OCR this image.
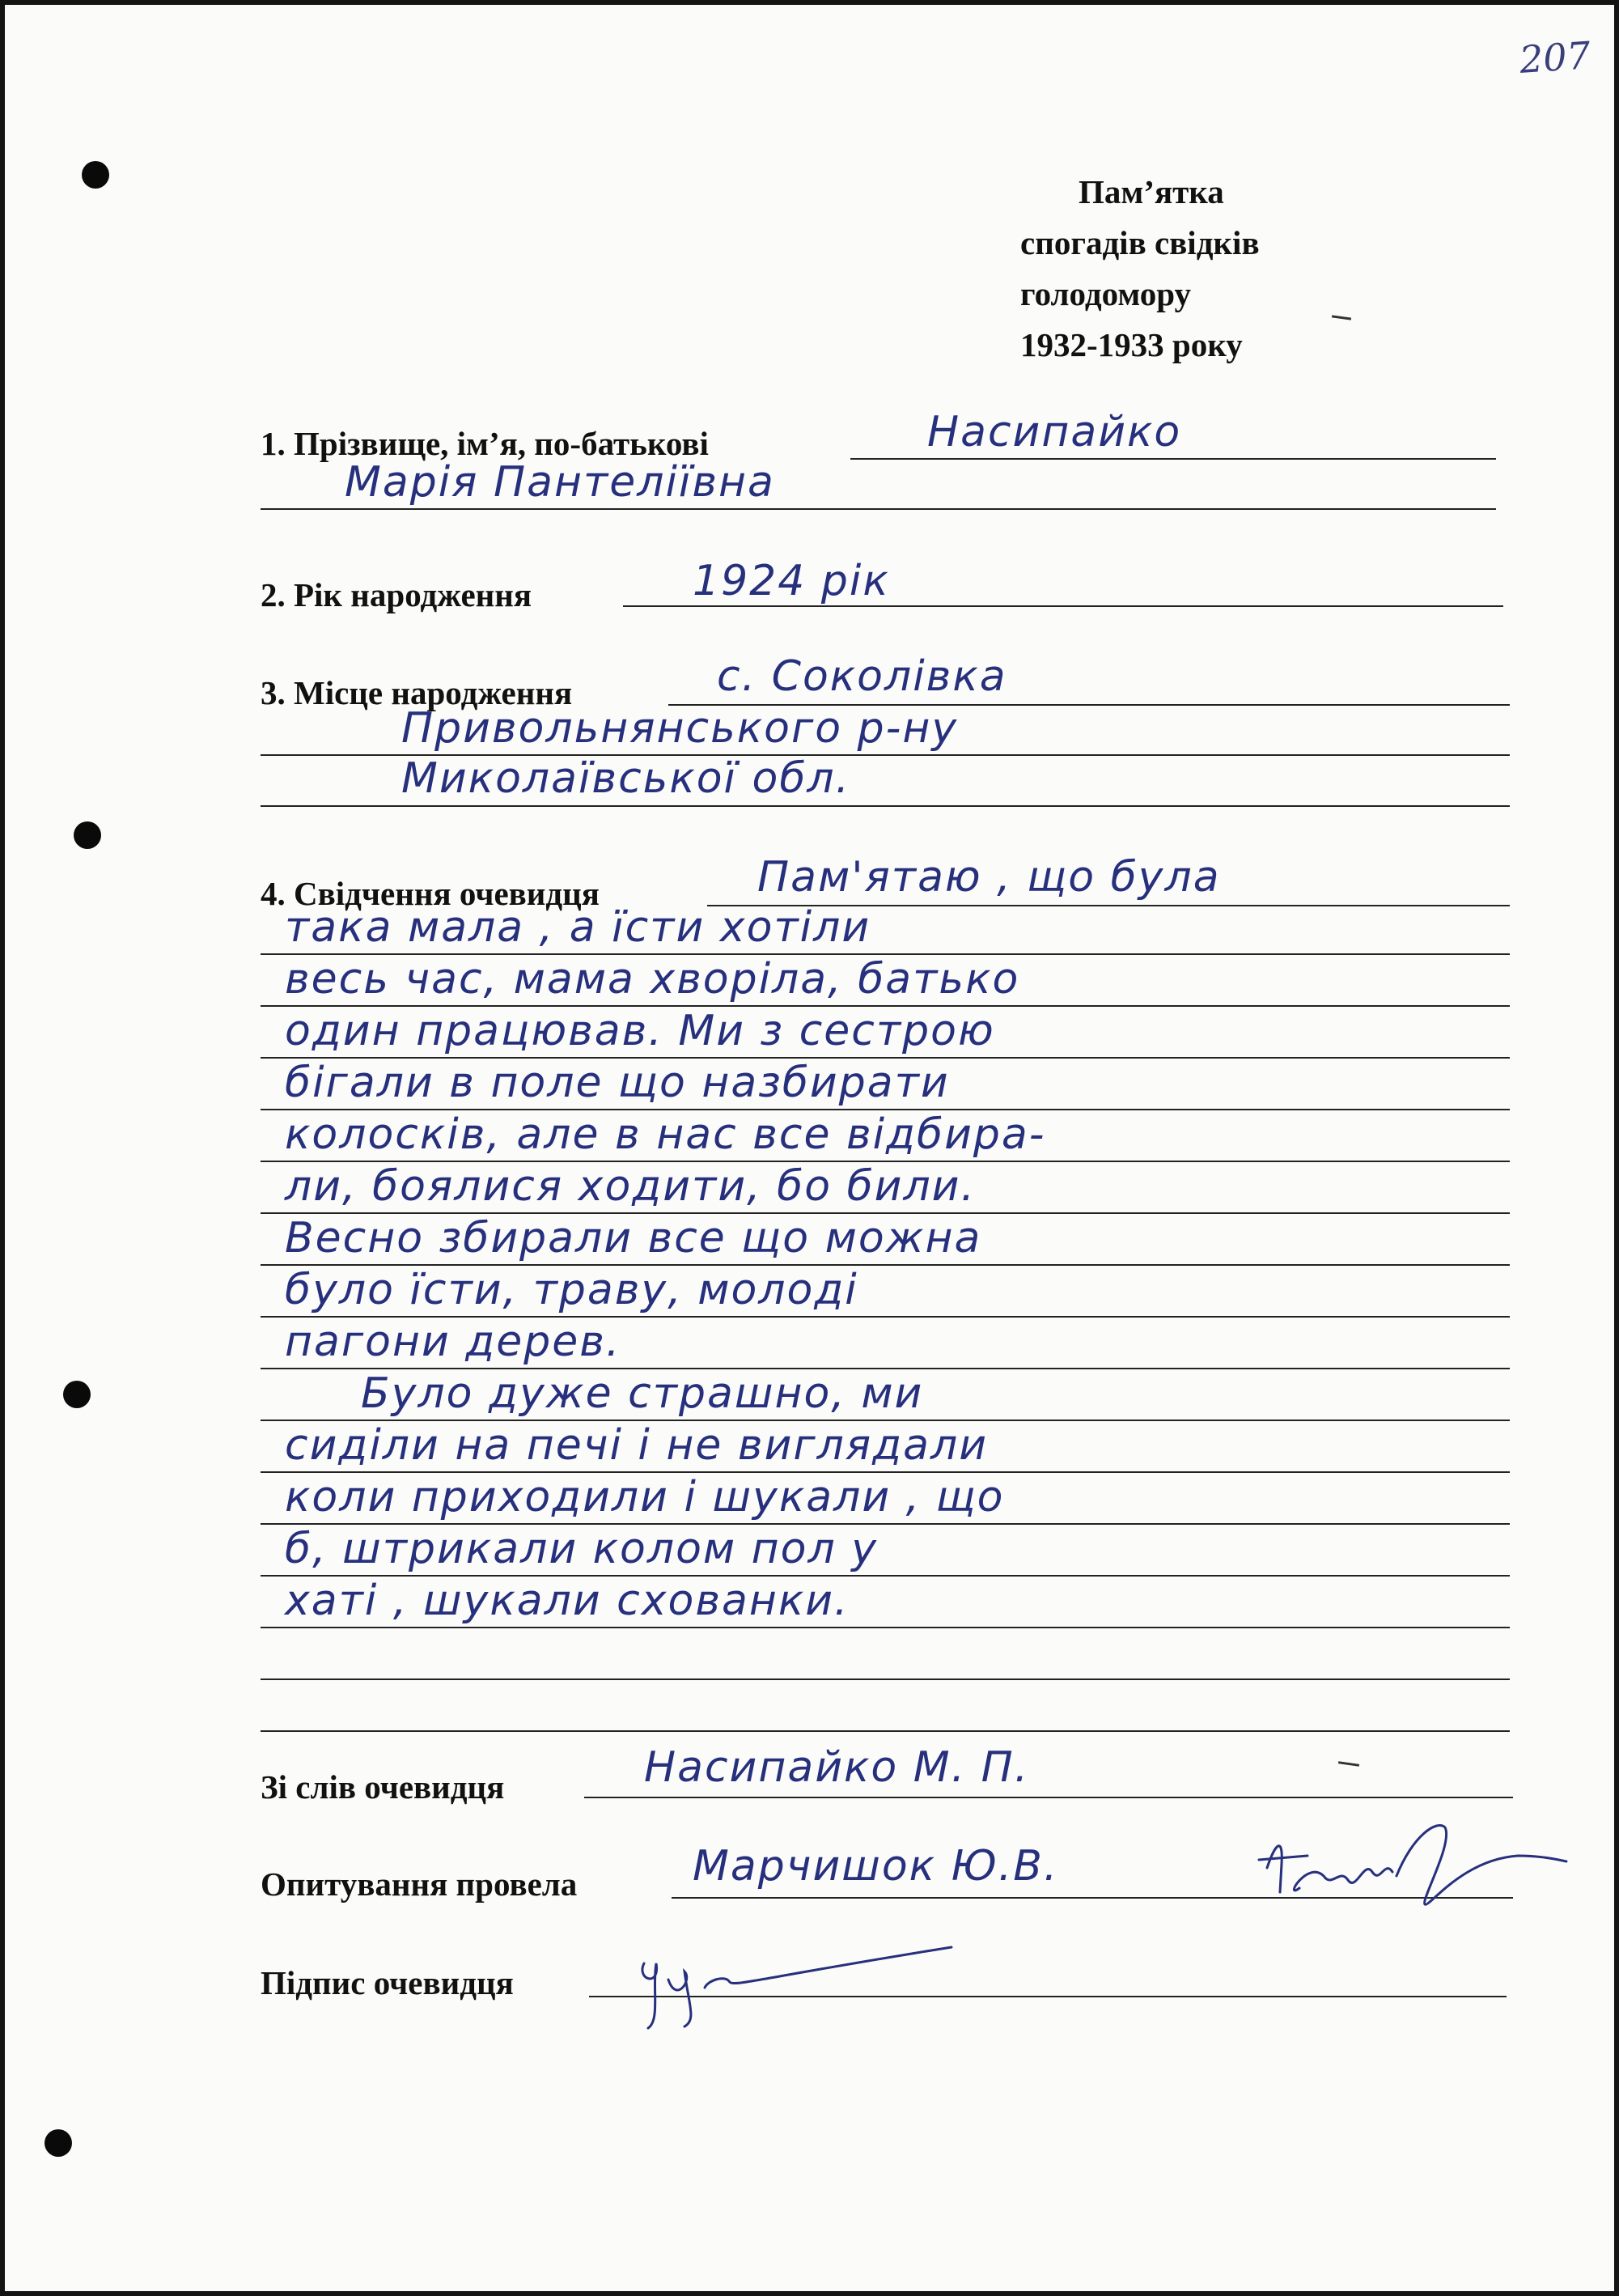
207
Пам’ятка
спогадів свідків
голодомору
1932-1933 року
1. Прізвище, ім’я, по-батькові	Насипайко
Марія Пантеліївна
2. Рік народження	1924 рік
3. Місце народження	с. Соколівка
Привольнянського р-ну
Миколаївської обл.
4. Свідчення очевидця	Пам'ятаю , що була
така мала , а їсти хотіли
весь час, мама хворіла, батько
один працював. Ми з сестрою
бігали в поле що назбирати
колосків, але в нас все відбира-
ли, боялися ходити, бо били.
Весно збирали все що можна
було їсти, траву, молоді
пагони дерев.
Було дуже страшно, ми
сиділи на печі і не виглядали
коли приходили і шукали , що
б, штрикали колом пол у
хаті , шукали схованки.
Зі слів очевидця	Насипайко М. П.
Опитування провела	Марчишок Ю.В.
Підпис очевидця
